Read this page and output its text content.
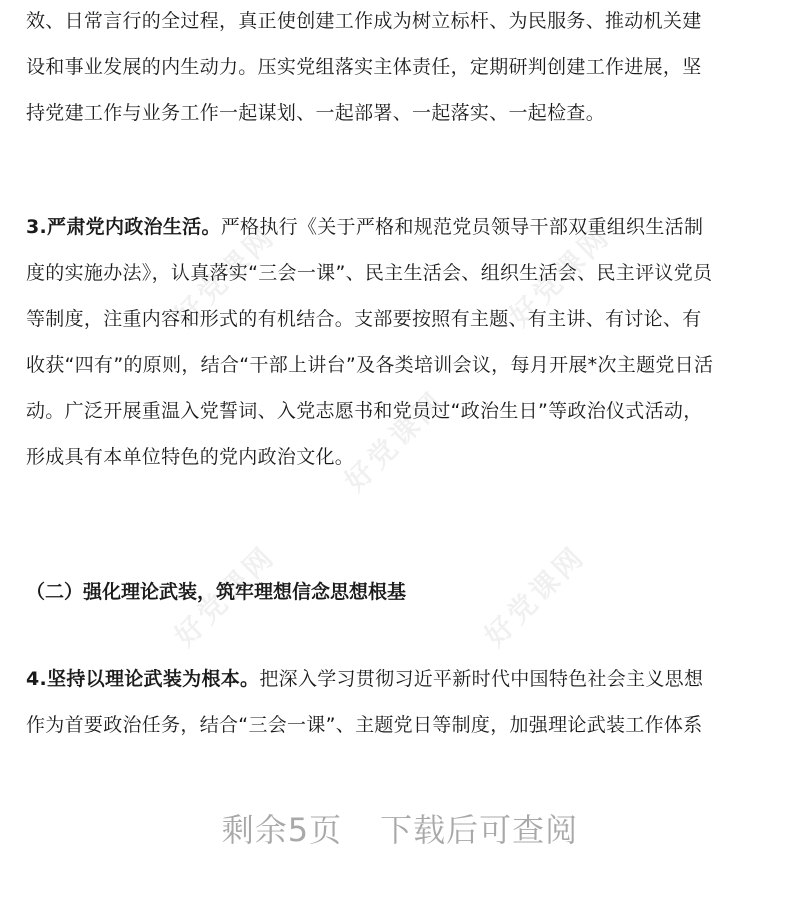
好党课网	好党课网
好党课网
好党课网	好党课网
效、日常言行的全过程，真正使创建工作成为树立标杆、为民服务、推动机关建
设和事业发展的内生动力。压实党组落实主体责任，定期研判创建工作进展，坚
持党建工作与业务工作一起谋划、一起部署、一起落实、一起检查。
3.严肃党内政治生活。严格执行《关于严格和规范党员领导干部双重组织生活制
度的实施办法》，认真落实“三会一课”、民主生活会、组织生活会、民主评议党员
等制度，注重内容和形式的有机结合。支部要按照有主题、有主讲、有讨论、有
收获“四有”的原则，结合“干部上讲台”及各类培训会议，每月开展*次主题党日活
动。广泛开展重温入党誓词、入党志愿书和党员过“政治生日”等政治仪式活动，
形成具有本单位特色的党内政治文化。
（二）强化理论武装，筑牢理想信念思想根基
4.坚持以理论武装为根本。把深入学习贯彻习近平新时代中国特色社会主义思想
作为首要政治任务，结合“三会一课”、主题党日等制度，加强理论武装工作体系
剩余5页 下载后可查阅
